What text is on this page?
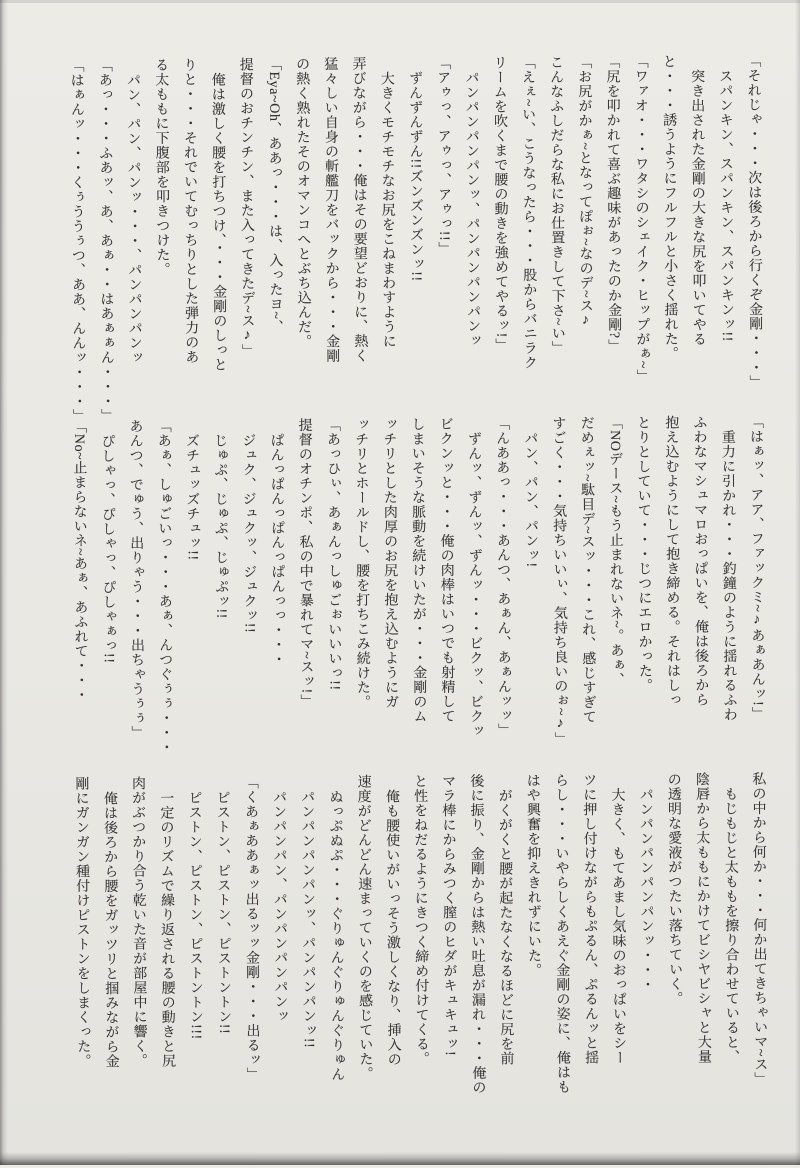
「それじゃ・・・次は後ろから行くぞ金剛・・・」
スパンキン、スパンキン、スパンキンッ!!
突き出された金剛の大きな尻を叩いてやる
と・・・誘うようにフルフルと小さく揺れた。
「ワァオ・・・ワタシのシェイク・ヒップがぁ~」
「尻を叩かれて喜ぶ趣味があったのか金剛?」
「お尻がかぁ~となってぽぉ~なのデ~ス♪
こんなふしだらな私にお仕置きして下さ~い」
「えぇ~い、こうなったら・・・股からバニラク
リームを吹くまで腰の動きを強めてやるッ!」
パンパンパンパンッ、パンパンパンパンッ
「アゥっ、アゥっ、アゥっ!!」
ずんずんずん!!ズンズンズンッ!!
大きくモチモチなお尻をこねまわすように
弄びながら・・・俺はその要望どおりに、熱く
猛々しい自身の斬艦刀をバックから・・・金剛
の熱く熟れたそのオマンコへとぶち込んだ。
「Eya~Oh、ああっ・・・は、入ったヨ~、
提督のおチンチン、また入ってきたデ~ス♪」
俺は激しく腰を打ちつけ、・・・金剛のしっと
りと・・・それでいてむっちりとした弾力のあ
る太ももに下腹部を叩きつけた。
パン、パン、パンッ・・・、パンパンパンッ
「あっ・・・ふあッ、あ、あぁ・・はあぁぁん・・・」
「はぁんッ・・・くぅううぅつ、ああ、んんッ・・・」
「はぁッ、アア、ファックミ~♪あぁあんッ!」
重力に引かれ・・・釣鐘のように揺れるふわ
ふわなマシュマロおっぱいを、俺は後ろから
抱え込むようにして抱き締める。それはしっ
とりとしていて・・・じつにエロかった。
「NOデース~もう止まれないネ~。あぁ、
だめぇッ~駄目デ~スッ・・・これ、感じすぎて
すごく・・・気持ちいいぃ、気持ち良いのぉ~♪」
パン、パン、パンッ!
「んああっ・・・あんつ、あぁん、あぁんッッ」
ずんッ、ずんッ、ずんッ・・・ビクッ、ビクッ
ビクンッと・・・俺の肉棒はいつでも射精して
しまいそうな脈動を続けいたが・・・金剛のム
ッチリとした肉厚のお尻を抱え込むようにガ
ッチリとホールドし、腰を打ちこみ続けた。
「あっひぃ、あぁんっしゅごぉいいいっ!!
提督のオチンポ、私の中で暴れてマ~スッ!」
ぱんっぱんっぱんっぱんっっ・・・
ジュク、ジュクッ、ジュクッ!!
じゅぷ、じゅぷ、じゅぷッ!!
ズチュッズチュッ!!
「あぁ、しゅごいっ・・・あぁ、んつぐぅぅ・・・
あんつ、でゅう、出りゃう・・・出ちゃうぅぅ」
ぴしゃっ、ぴしゃっ、ぴしゃぁっ!!
「No~止まらないネ~あぁ、あふれて・・・
私の中から何か・・・何か出てきちゃいマ~ス」
もじもじと太ももを擦り合わせていると、
陰唇から太ももにかけてビシヤビシャと大量
の透明な愛液がつたい落ちていく。
パンパンパンパンパンッ・・・
大きく、もてあまし気味のおっぱいをシー
ツに押し付けながらもぷるん、ぷるんッと揺
らし・・・いやらしくあえぐ金剛の姿に、俺はも
はや興奮を抑えきれずにいた。
がくがくと腰が起たなくなるほどに尻を前
後に振り、金剛からは熱い吐息が漏れ・・・俺の
マラ棒にからみつく膣のヒダがキュキュッ!
と性をねだるようにきつく締め付けてくる。
俺も腰使いがいっそう激しくなり、挿入の
速度がどんどん速まっていくのを感じていた。
ぬっぷぬぷ・・・ぐりゅんぐりゅんぐりゅん
パンパンパンパンッ、パンパンパンッ!!
パンパンパン、パンパンパンパンッ
「くあぁああぁッ出るッッ金剛・・・出るッ」
ピストン、ピストン、ピストントン!!
ピストン、ピストン、ピストントン!!!
一定のリズムで繰り返される腰の動きと尻
肉がぶつかり合う乾いた音が部屋中に響く。
俺は後ろから腰をガッツリと掴みながら金
剛にガンガン種付けピストンをしまくった。
